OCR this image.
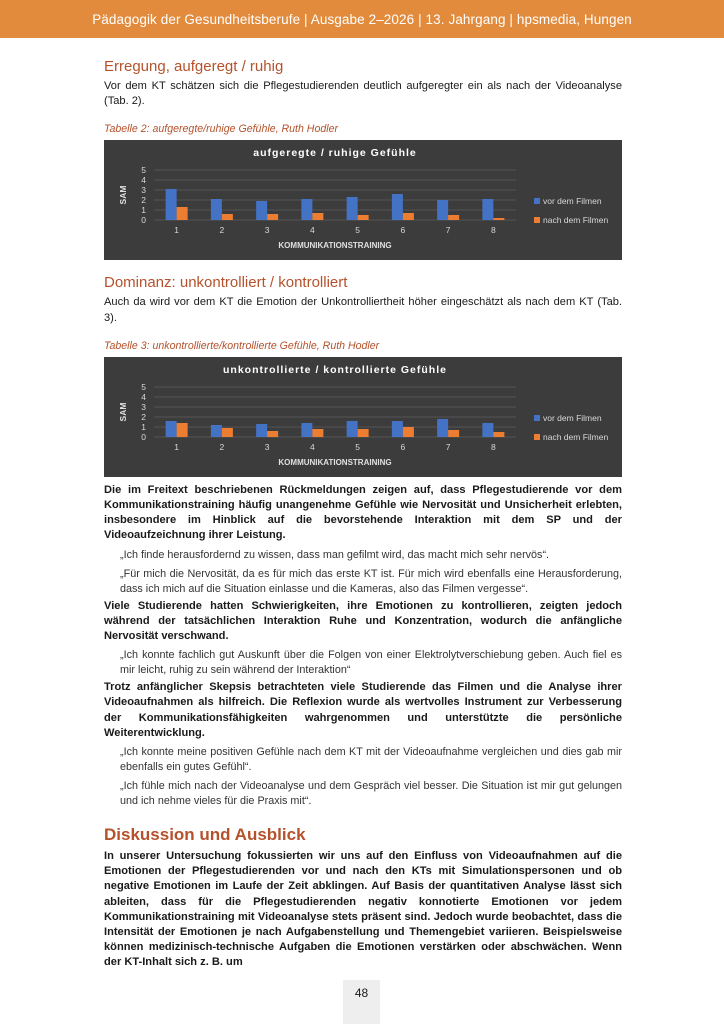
Pädagogik der Gesundheitsberufe | Ausgabe 2–2026 | 13. Jahrgang | hpsmedia, Hungen
Erregung, aufgeregt / ruhig

Vor dem KT schätzen sich die Pflegestudierenden deutlich aufgeregter ein als nach der Videoanalyse (Tab. 2).

Tabelle 2: aufgeregte/ruhige Gefühle, Ruth Hodler
0
1
2
3
4
5
aufgeregte / ruhige Gefühle
SAM
1	2	3	4	5	6	7	8
KOMMUNIKATIONSTRAINING
vor dem Filmen
nach dem Filmen
Dominanz: unkontrolliert / kontrolliert

Auch da wird vor dem KT die Emotion der Unkontrolliertheit höher eingeschätzt als nach dem KT (Tab. 3).

Tabelle 3: unkontrollierte/kontrollierte Gefühle, Ruth Hodler
0
1
2
3
4
5
unkontrollierte / kontrollierte Gefühle
SAM
1	2	3	4	5	6	7	8
KOMMUNIKATIONSTRAINING
vor dem Filmen
nach dem Filmen

Die im Freitext beschriebenen Rückmeldungen zeigen auf, dass Pflegestudierende vor dem Kommunikationstraining häufig unangenehme Gefühle wie Nervosität und Unsicherheit erlebten, insbesondere im Hinblick auf die bevorstehende Interaktion mit dem SP und der Videoaufzeichnung ihrer Leistung.

„Ich finde herausfordernd zu wissen, dass man gefilmt wird, das macht mich sehr nervös“.
„Für mich die Nervosität, da es für mich das erste KT ist. Für mich wird ebenfalls eine Herausforderung, dass ich mich auf die Situation einlasse und die Kameras, also das Filmen vergesse“.

Viele Studierende hatten Schwierigkeiten, ihre Emotionen zu kontrollieren, zeigten jedoch während der tatsächlichen Interaktion Ruhe und Konzentration, wodurch die anfängliche Nervosität verschwand.

„Ich konnte fachlich gut Auskunft über die Folgen von einer Elektrolytverschiebung geben. Auch fiel es mir leicht, ruhig zu sein während der Interaktion“

Trotz anfänglicher Skepsis betrachteten viele Studierende das Filmen und die Analyse ihrer Videoaufnahmen als hilfreich. Die Reflexion wurde als wertvolles Instrument zur Verbesserung der Kommunikationsfähigkeiten wahrgenommen und unterstützte die persönliche Weiterentwicklung.

„Ich konnte meine positiven Gefühle nach dem KT mit der Videoaufnahme vergleichen und dies gab mir ebenfalls ein gutes Gefühl“.
„Ich fühle mich nach der Videoanalyse und dem Gespräch viel besser. Die Situation ist mir gut gelungen und ich nehme vieles für die Praxis mit“.
Diskussion und Ausblick

In unserer Untersuchung fokussierten wir uns auf den Einfluss von Videoaufnahmen auf die Emotionen der Pflegestudierenden vor und nach den KTs mit Simulationspersonen und ob negative Emotionen im Laufe der Zeit abklingen. Auf Basis der quantitativen Analyse lässt sich ableiten, dass für die Pflegestudierenden negativ konnotierte Emotionen vor jedem Kommunikationstraining mit Videoanalyse stets präsent sind. Jedoch wurde beobachtet, dass die Intensität der Emotionen je nach Aufgabenstellung und Themengebiet variieren. Beispielsweise können medizinisch-technische Aufgaben die Emotionen verstärken oder abschwächen. Wenn der KT-Inhalt sich z. B. um

48
